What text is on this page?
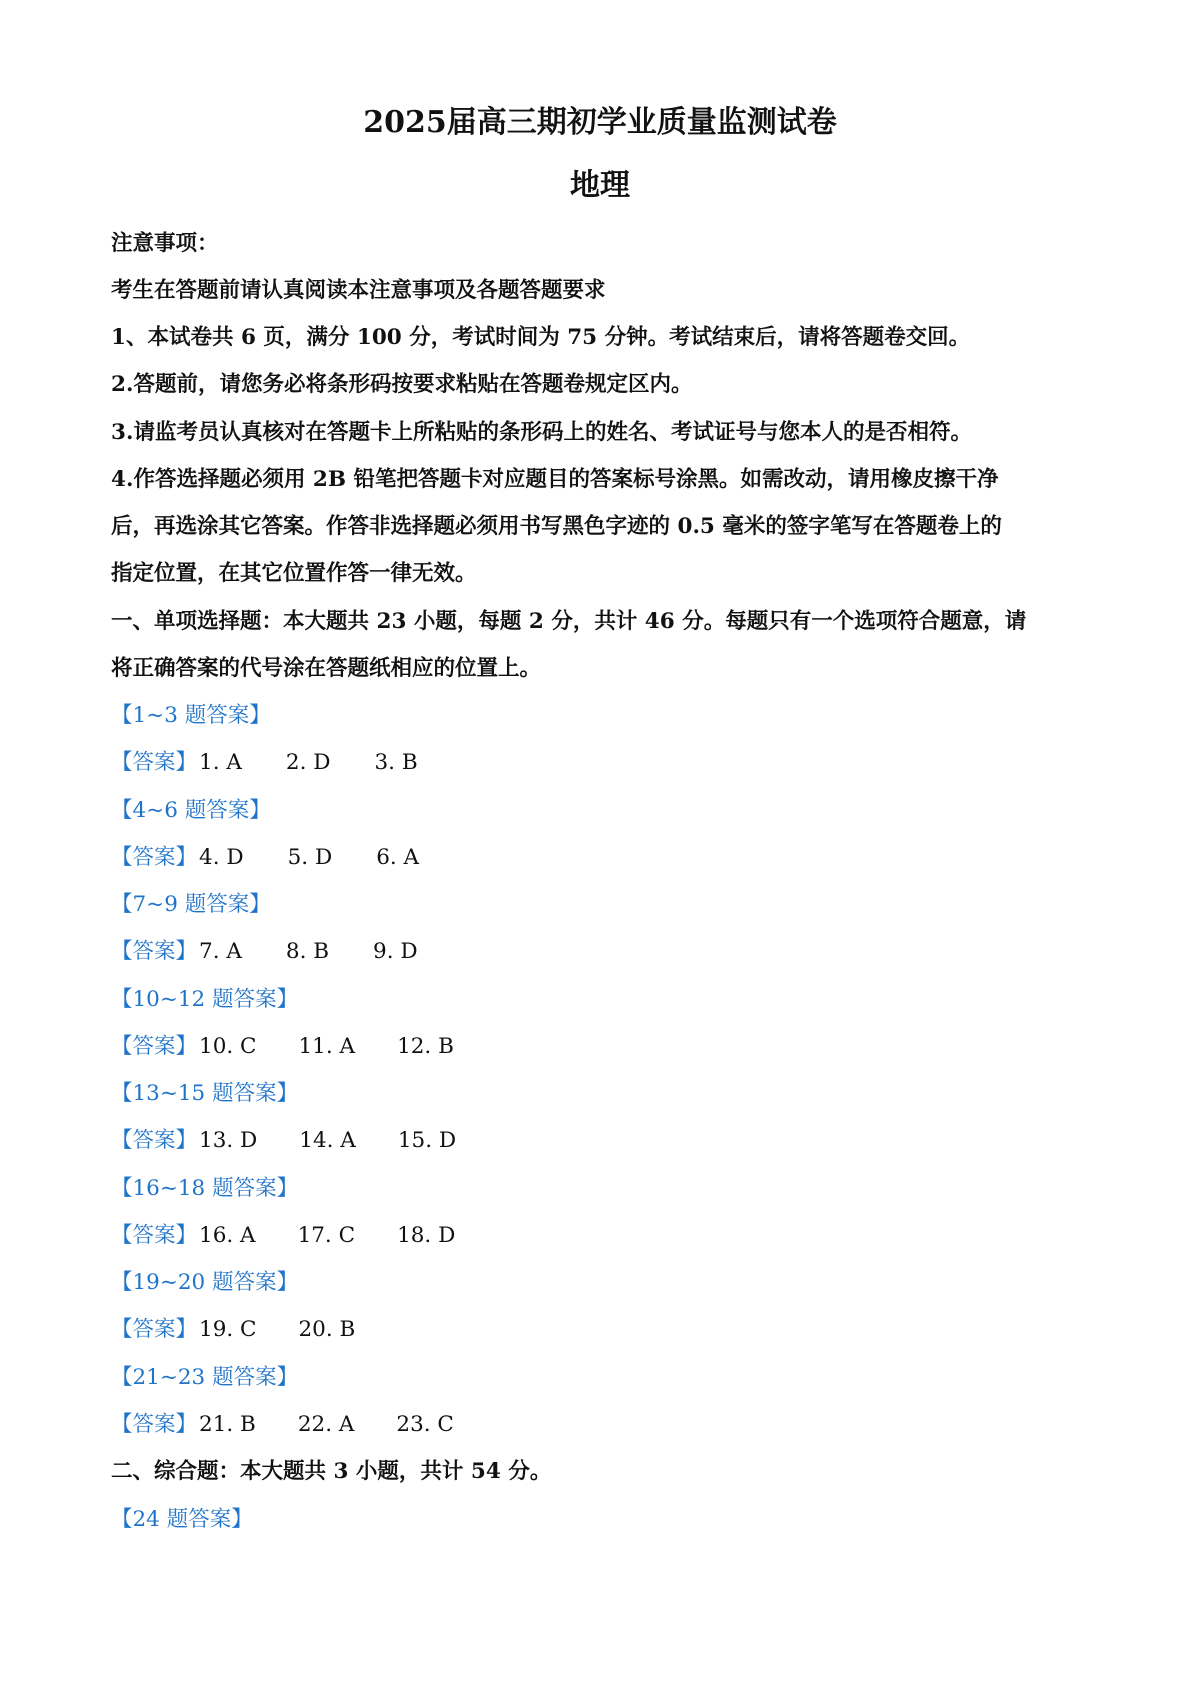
2025届高三期初学业质量监测试卷
地理
注意事项：
考生在答题前请认真阅读本注意事项及各题答题要求
1、本试卷共 6 页，满分 100 分，考试时间为 75 分钟。考试结束后，请将答题卷交回。
2.答题前，请您务必将条形码按要求粘贴在答题卷规定区内。
3.请监考员认真核对在答题卡上所粘贴的条形码上的姓名、考试证号与您本人的是否相符。
4.作答选择题必须用 2B 铅笔把答题卡对应题目的答案标号涂黑。如需改动，请用橡皮擦干净
后，再选涂其它答案。作答非选择题必须用书写黑色字迹的 0.5 毫米的签字笔写在答题卷上的
指定位置，在其它位置作答一律无效。
一、单项选择题：本大题共 23 小题，每题 2 分，共计 46 分。每题只有一个选项符合题意，请
将正确答案的代号涂在答题纸相应的位置上。
【1~3 题答案】
【答案】1. A 2. D 3. B
【4~6 题答案】
【答案】4. D 5. D 6. A
【7~9 题答案】
【答案】7. A 8. B 9. D
【10~12 题答案】
【答案】10. C 11. A 12. B
【13~15 题答案】
【答案】13. D 14. A 15. D
【16~18 题答案】
【答案】16. A 17. C 18. D
【19~20 题答案】
【答案】19. C 20. B
【21~23 题答案】
【答案】21. B 22. A 23. C
二、综合题：本大题共 3 小题，共计 54 分。
【24 题答案】
